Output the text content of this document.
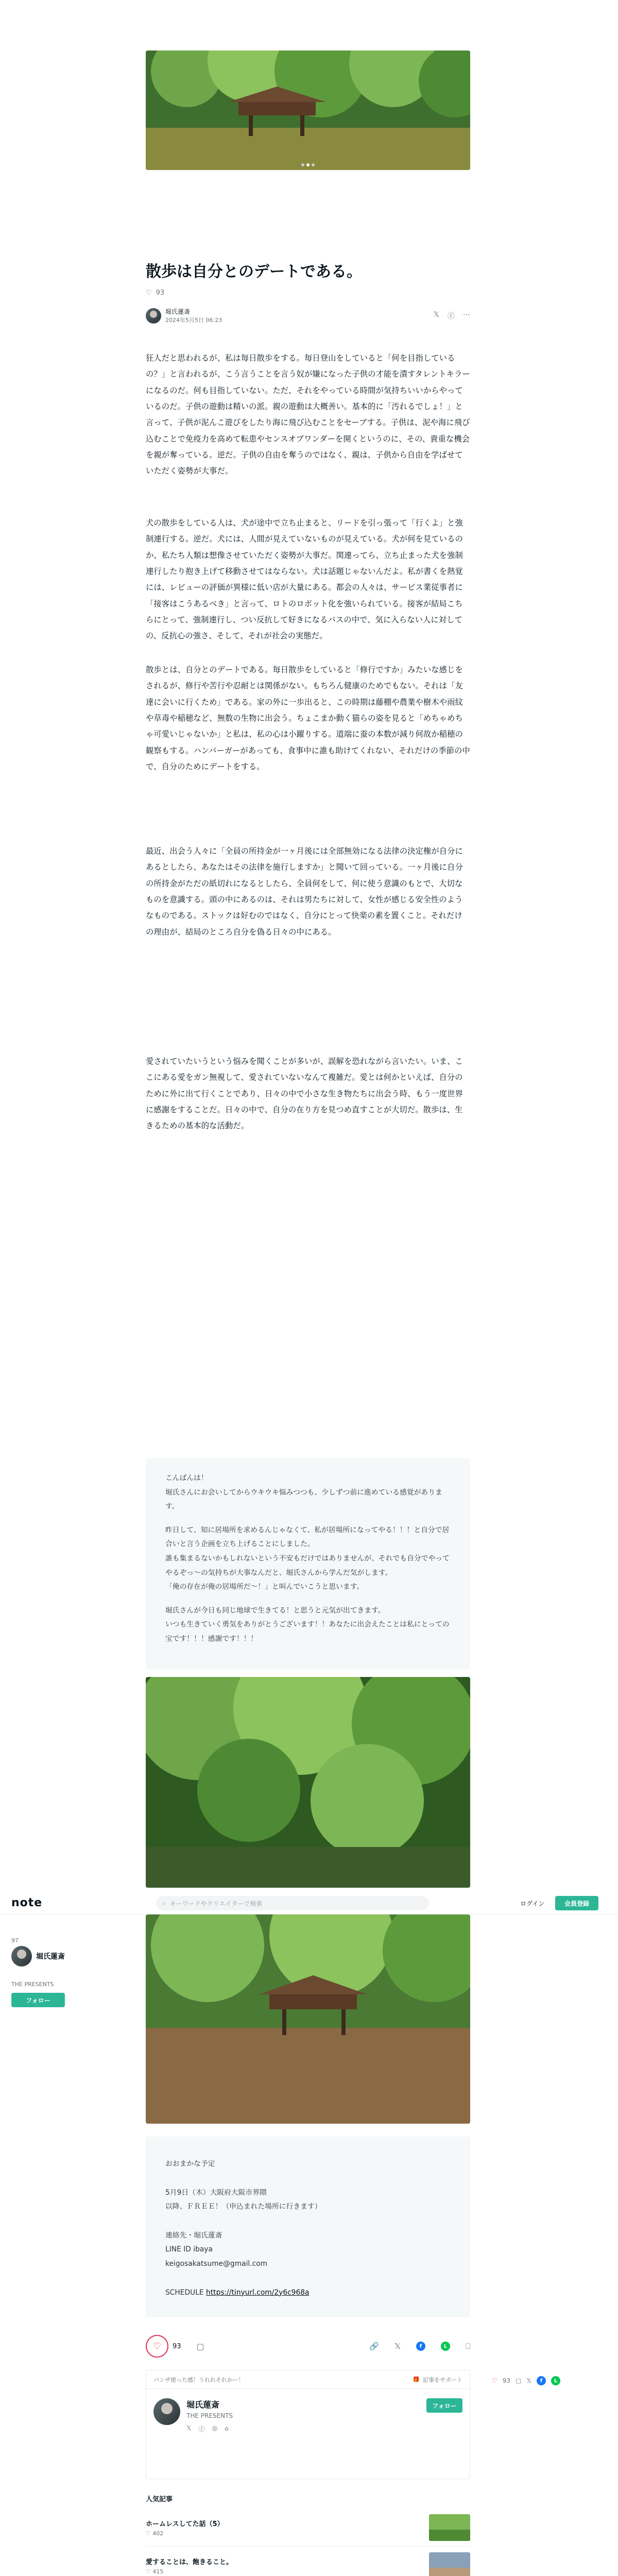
散歩は自分とのデートである。
♡ 93
堀氏蓮斎
2024年5月5日 06:23
𝕏 ⓕ ⋯
狂人だと思われるが、私は毎日散歩をする。毎日登山をしていると「何を目指しているの？」と言われるが、こう言うことを言う奴が嫌になった子供の才能を潰すタレントキラーになるのだ。何も目指していない。ただ、それをやっている時間が気持ちいいからやっているのだ。子供の遊動は精いの派。親の遊動は大概善い。基本的に「汚れるでしょ！」と言って、子供が泥んこ遊びをしたり海に飛び込むことをセーブする。子供は、泥や海に飛び込むことで免疫力を高めて転患やセンスオブワンダーを開くというのに、その、貴重な機会を親が奪っている。逆だ。子供の自由を奪うのではなく、親は、子供から自由を学ばせていただく姿勢が大事だ。
犬の散歩をしている人は、犬が途中で立ち止まると、リードを引っ張って「行くよ」と強制連行する。逆だ。犬には、人間が見えていないものが見えている。犬が何を見ているのか、私たち人類は想像させていただく姿勢が大事だ。関連ってら、立ち止まった犬を強制連行したり抱き上げて移動させてはならない。犬は話題じゃないんだよ。私が書くを熱覚には、レビューの評価が異様に低い店が大量にある。都会の人々は、サービス業従事者に「接客はこうあるべき」と言って、ロトのロボット化を強いられている。接客が結局こちらにとって、強制連行し、つい反抗して好きになるバスの中で、気に入らない人に対しての、反抗心の強さ、そして、それが社会の実態だ。
散歩とは、自分とのデートである。毎日散歩をしていると「修行ですか」みたいな感じをされるが、修行や苦行や忍耐とは関係がない。もちろん健康のためでもない。それは「友達に会いに行くため」である。家の外に一歩出ると、この時期は藤棚や農業や樹木や雨紋や草毒や稲穂など、無数の生物に出会う。ちょこまか動く猫らの姿を見ると「めちゃめちゃ可愛いじゃないか」と私は、私の心は小躍りする。道端に蚕の本数が減り何故か稲穂の観察もする。ハンバーガーがあっても、食事中に誰も助けてくれない、それだけの季節の中で、自分のためにデートをする。
最近、出会う人々に「全員の所持金が一ヶ月後には全部無効になる法律の決定権が自分にあるとしたら、あなたはその法律を施行しますか」と聞いて回っている。一ヶ月後に自分の所持金がただの紙切れになるとしたら、全員何をして、何に使う意識のもとで、大切なものを意識する。頭の中にあるのは、それは男たちに対して、女性が感じる安全性のようなものである。ストックは好むのではなく、自分にとって快楽の素を置くこと。それだけの理由が、結局のところ自分を偽る日々の中にある。
愛されていたいうという悩みを聞くことが多いが、誤解を恐れながら言いたい。いま、ここにある愛をガン無視して、愛されていないなんて複雑だ。愛とは何かといえば、自分のために外に出て行くことであり、日々の中で小さな生き物たちに出会う時、もう一度世界に感謝をすることだ。日々の中で、自分の在り方を見つめ直すことが大切だ。散歩は、生きるための基本的な活動だ。

こんばんは！
堀氏さんにお会いしてからウキウキ悩みつつも、少しずつ前に進めている感覚があります。

昨日して、知に居場所を求めるんじゃなくて、私が居場所になってやる！！！と自分で居合いと言う企画を立ち上げることにしました。
誰も集まるないかもしれないという不安もだけではありませんが、それでも自分でやってやるぞっ〜の気持ちが大事なんだと、堀氏さんから学んだ気がします。
「俺の存在が俺の居場所だ〜！」と叫んでいこうと思います。

堀氏さんが今日も同じ地球で生きてる！と思うと元気が出てきます。
いつも生きていく勇気をありがとうございます！！あなたに出会えたことは私にとっての宝です！！！感謝です！！！

note	⌕ キーワードやクリエイターで検索	ログイン	会員登録
97
堀氏蓮斎
THE PRESENTS
フォロー
おおまかな予定
5月9日（木）大阪府大阪市界隈
以降、ＦＲＥＥ！（申込まれた場所に行きます）
連絡先・堀氏蓮斎
LINE ID ibaya
keigosakatsume@gmail.com
SCHEDULE https://tinyurl.com/2y6c968a
♡ 93 ▢	🔗 𝕏	f	L	⎕
バンザ使った感！うれれそれかー！	🎁 記事をサポート
堀氏蓮斎
THE PRESENTS
𝕏 ⓕ ◎ ⌂
フォロー
♡ 93 ▢ 𝕏	f	L
人気記事
ホームレスしてた話（5）
♡ 402
愛することは、飽きること。
♡ 415
